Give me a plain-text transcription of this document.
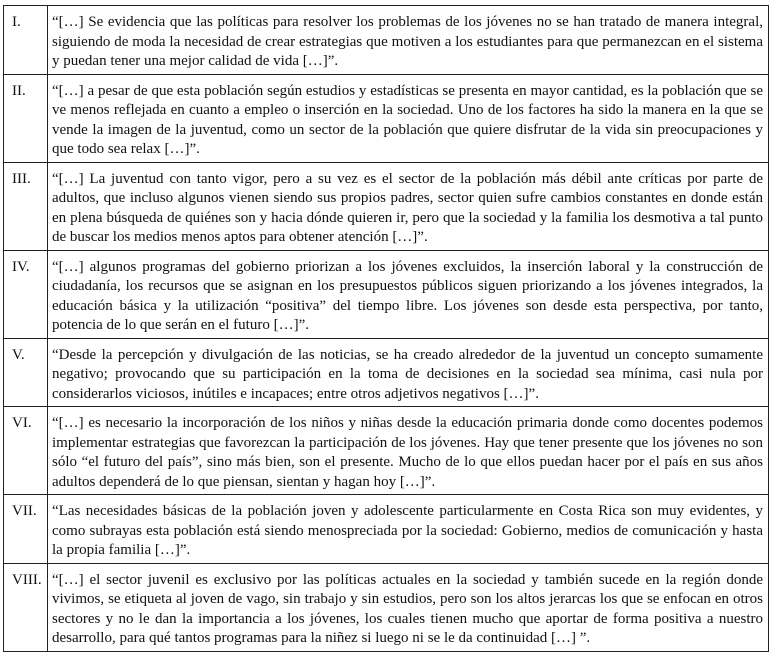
I.	“[…] Se evidencia que las políticas para resolver los problemas de los jóvenes no se han tratado de manera integral, siguiendo de moda la necesidad de crear estrategias que motiven a los estudiantes para que permanezcan en el sistema y puedan tener una mejor calidad de vida […]”.
II.	“[…] a pesar de que esta población según estudios y estadísticas se presenta en mayor cantidad, es la población que se ve menos reflejada en cuanto a empleo o inserción en la sociedad. Uno de los factores ha sido la manera en la que se vende la imagen de la juventud, como un sector de la población que quiere disfrutar de la vida sin preocupaciones y que todo sea relax […]”.
III.	“[…] La juventud con tanto vigor, pero a su vez es el sector de la población más débil ante críticas por parte de adultos, que incluso algunos vienen siendo sus propios padres, sector quien sufre cambios constantes en donde están en plena búsqueda de quiénes son y hacia dónde quieren ir, pero que la sociedad y la familia los desmotiva a tal punto de buscar los medios menos aptos para obtener atención […]”.
IV.	“[…] algunos programas del gobierno priorizan a los jóvenes excluidos, la inserción laboral y la construcción de ciudadanía, los recursos que se asignan en los presupuestos públicos siguen priorizando a los jóvenes integrados, la educación básica y la utilización “positiva” del tiempo libre. Los jóvenes son desde esta perspectiva, por tanto, potencia de lo que serán en el futuro […]”.
V.	“Desde la percepción y divulgación de las noticias, se ha creado alrededor de la juventud un concepto sumamente negativo; provocando que su participación en la toma de decisiones en la sociedad sea mínima, casi nula por considerarlos viciosos, inútiles e incapaces; entre otros adjetivos negativos […]”.
VI.	“[…] es necesario la incorporación de los niños y niñas desde la educación primaria donde como docentes podemos implementar estrategias que favorezcan la participación de los jóvenes. Hay que tener presente que los jóvenes no son sólo “el futuro del país”, sino más bien, son el presente. Mucho de lo que ellos puedan hacer por el país en sus años adultos dependerá de lo que piensan, sientan y hagan hoy […]”.
VII.	“Las necesidades básicas de la población joven y adolescente particularmente en Costa Rica son muy evidentes, y como subrayas esta población está siendo menospreciada por la sociedad: Gobierno, medios de comunicación y hasta la propia familia […]”.
VIII.	“[…] el sector juvenil es exclusivo por las políticas actuales en la sociedad y también sucede en la región donde vivimos, se etiqueta al joven de vago, sin trabajo y sin estudios, pero son los altos jerarcas los que se enfocan en otros sectores y no le dan la importancia a los jóvenes, los cuales tienen mucho que aportar de forma positiva a nuestro desarrollo, para qué tantos programas para la niñez si luego ni se le da continuidad […] ”.
